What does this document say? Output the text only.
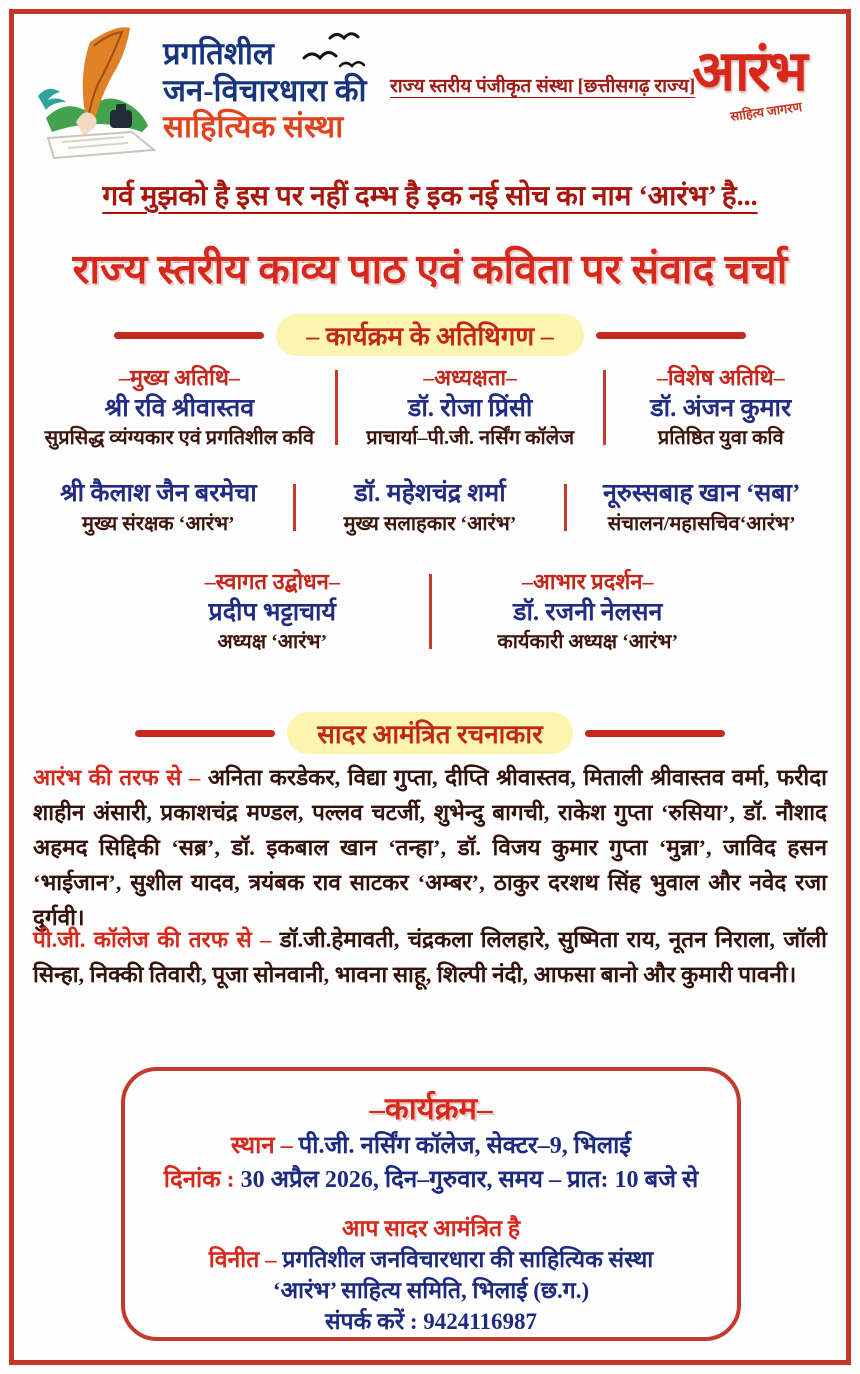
प्रगतिशील
जन-विचारधारा की
साहित्यिक संस्था
राज्य स्तरीय पंजीकृत संस्था [छत्तीसगढ़ राज्य]
आरंभ
साहित्य जागरण
गर्व मुझको है इस पर नहीं दम्भ है इक नई सोच का नाम ‘आरंभ’ है...
राज्य स्तरीय काव्य पाठ एवं कविता पर संवाद चर्चा
– कार्यक्रम के अतिथिगण –
–मुख्य अतिथि–
श्री रवि श्रीवास्तव
सुप्रसिद्ध व्यंग्यकार एवं प्रगतिशील कवि
–अध्यक्षता–
डॉ. रोजा प्रिंसी
प्राचार्या–पी.जी. नर्सिंग कॉलेज
–विशेष अतिथि–
डॉ. अंजन कुमार
प्रतिष्ठित युवा कवि
श्री कैलाश जैन बरमेचा
मुख्य संरक्षक ‘आरंभ’
डॉ. महेशचंद्र शर्मा
मुख्य सलाहकार ‘आरंभ’
नूरुस्सबाह खान ‘सबा’
संचालन/महासचिव‘आरंभ’
–स्वागत उद्बोधन–
प्रदीप भट्टाचार्य
अध्यक्ष ‘आरंभ’
–आभार प्रदर्शन–
डॉ. रजनी नेलसन
कार्यकारी अध्यक्ष ‘आरंभ’
सादर आमंत्रित रचनाकार
आरंभ की तरफ से – अनिता करडेकर, विद्या गुप्ता, दीप्ति श्रीवास्तव, मिताली श्रीवास्तव वर्मा, फरीदा शाहीन अंसारी, प्रकाशचंद्र मण्डल, पल्लव चटर्जी, शुभेन्दु बागची, राकेश गुप्ता ‘रुसिया’, डॉ. नौशाद अहमद सिद्दिकी ‘सब्र’, डॉ. इकबाल खान ‘तन्हा’, डॉ. विजय कुमार गुप्ता ‘मुन्ना’, जाविद हसन ‘भाईजान’, सुशील यादव, त्रयंबक राव साटकर ‘अम्बर’, ठाकुर दरशथ सिंह भुवाल और नवेद रजा दुर्गवी।
पी.जी. कॉलेज की तरफ से – डॉ.जी.हेमावती, चंद्रकला लिलहारे, सुष्मिता राय, नूतन निराला, जॉली सिन्हा, निक्की तिवारी, पूजा सोनवानी, भावना साहू, शिल्पी नंदी, आफसा बानो और कुमारी पावनी।
–कार्यक्रम–
स्थान – पी.जी. नर्सिंग कॉलेज, सेक्टर–9, भिलाई
दिनांक : 30 अप्रैल 2026, दिन–गुरुवार, समय – प्रात: 10 बजे से
आप सादर आमंत्रित है
विनीत – प्रगतिशील जनविचारधारा की साहित्यिक संस्था
‘आरंभ’ साहित्य समिति, भिलाई (छ.ग.)
संपर्क करें : 9424116987
